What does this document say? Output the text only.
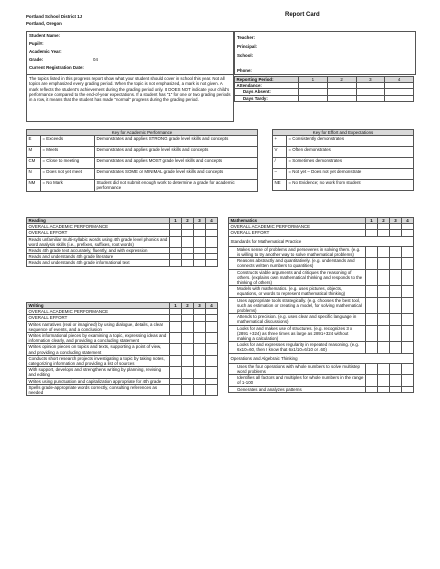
Portland School District 1J
Portland, Oregon
Report Card
Student Name:
Pupil#:
Academic Year:
Grade:	04
Current Registration Date:
Teacher:
Principal:
School:
Phone:
The topics listed in this progress report show what your student should cover in school this year. Not all topics are emphasized every grading period. When the topic is not emphasized, a mark is not given. A mark reflects the student's achievement during the grading period only. It DOES NOT indicate your child's performance compared to the end-of-year expectations. If a student has "1" for one or two grading periods in a row, it means that the student has made "normal" progress during the grading period.
Reporting Period:	1	2	3	4
Attendance:				
Days Absent:				
Days Tardy:				
Key for Academic Performance		
E	= Exceeds	Demonstrates and applies STRONG grade level skills and concepts
M	= Meets	Demonstrates and applies grade level skills and concepts
CM	= Close to meeting	Demonstrates and applies MOST grade level skills and concepts
N	= Does not yet meet	Demonstrates SOME or MINIMAL grade level skills and concepts
NM	= No Mark	Student did not submit enough work to determine a grade for academic performance
Key for Effort and Expectations	
+	= Consistently demonstrates
V	= Often demonstrates
/	= Sometimes demonstrates
–	= Not yet – Does not yet demonstrate
NE	= No Evidence; no work from student
Reading	1	2	3	4
OVERALL ACADEMIC PERFORMANCE				
OVERALL EFFORT				
Reads unfamiliar multi-syllabic words using 4th grade level phonics and word analysis skills (i.e., prefixes, suffixes, root words)				
Reads 4th grade text accurately, fluently, and with expression				
Reads and understands 4th grade literature				
Reads and understands 4th grade informational text				
Writing	1	2	3	4
OVERALL ACADEMIC PERFORMANCE				
OVERALL EFFORT				
Writes narratives (real or imagined) by using dialogue, details, a clear sequence of events, and a conclusion				
Writes informational pieces by examining a topic, expressing ideas and information clearly, and providing a concluding statement				
Writes opinion pieces on topics and texts, supporting a point of view, and providing a concluding statement				
Conducts short research projects investigating a topic by taking notes, categorizing information and providing a list of sources				
With support, develops and strengthens writing by planning, revising and editing				
Writes using punctuation and capitalization appropriate for 4th grade				
Spells grade-appropriate words correctly, consulting references as needed				
Mathematics	1	2	3	4
OVERALL ACADEMIC PERFORMANCE				
OVERALL EFFORT				
Standards for Mathematical Practice				
Makes sense of problems and perseveres in solving them. (e.g. is willing to try another way to solve mathematical problems)				
Reasons abstractly and quantitatively. (e.g. understands and connects written numbers to quantities)				
Constructs viable arguments and critiques the reasoning of others. (explains own mathematical thinking and responds to the thinking of others)				
Models with mathematics. (e.g. uses pictures, objects, equations, or words to represent mathematical thinking)				
Uses appropriate tools strategically. (e.g. chooses the best tool, such as estimation or creating a model, for solving mathematical problems)				
Attends to precision. (e.g. uses clear and specific language in mathematical discussions)				
Looks for and makes use of structures. (e.g. recognizes 3 x (2891 +324) as three times as large as 2891+324 without making a calculation)				
Looks for and expresses regularity in repeated reasoning. (e.g. 6x10=60, then I know that 6x1/10=6/10 or .60)				
Operations and Algebraic Thinking				
Uses the four operations with whole numbers to solve multistep word problems				
Identifies all factors and multiples for whole numbers in the range of 1-100				
Generates and analyzes patterns				
